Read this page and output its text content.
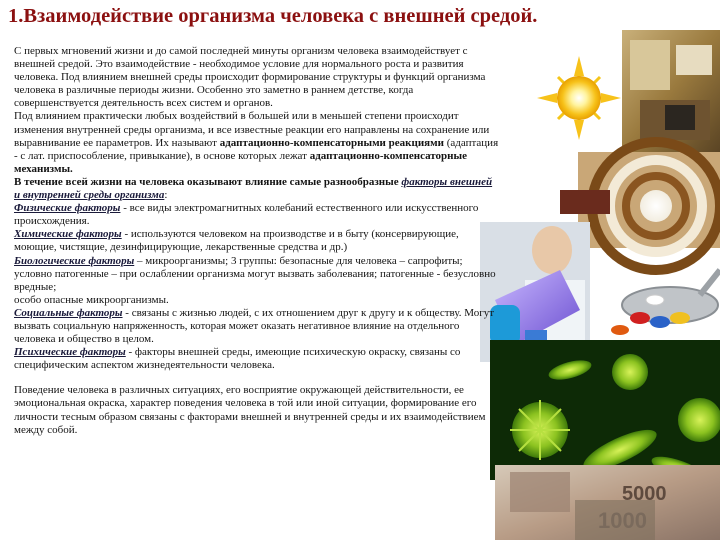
1.Взаимодействие организма человека с внешней средой.
5000
1000

С первых мгновений жизни и до самой последней минуты организм человека взаимодействует с внешней средой. Это взаимодействие - необходимое условие для нормального роста и развития человека. Под влиянием внешней среды происходит формирование структуры и функций организма человека в различные периоды жизни. Особенно это заметно в раннем детстве, когда совершенствуется деятельность всех систем и органов.

Под влиянием практически любых воздействий в большей или в меньшей степени происходит изменения внутренней среды организма, и все известные реакции его направлены на сохранение или выравнивание ее параметров. Их называют адаптационно-компенсаторными реакциями (адаптация - с лат. приспособление, привыкание), в основе которых лежат адаптационно-компенсаторные механизмы.

В течение всей жизни на человека оказывают влияние самые разнообразные факторы внешней и внутренней среды организма:

Физические факторы - все виды электромагнитных колебаний естественного или искусственного происхождения.

Химические факторы - используются человеком на производстве и в быту (консервирующие, моющие, чистящие, дезинфицирующие, лекарственные средства и др.)

Биологические факторы – микроорганизмы; 3 группы: безопасные для человека – сапрофиты; условно патогенные – при ослаблении организма могут вызвать заболевания; патогенные - безусловно вредные;

особо опасные микроорганизмы.

Социальные факторы - связаны с жизнью людей, с их отношением друг к другу и к обществу. Могут вызвать социальную напряженность, которая может оказать негативное влияние на отдельного человека и общество в целом.

Психические факторы - факторы внешней среды, имеющие психическую окраску, связаны со специфическим аспектом жизнедеятельности человека.

Поведение человека в различных ситуациях, его восприятие окружающей действительности, ее эмоциональная окраска, характер поведения человека в той или иной ситуации, формирование его личности тесным образом связаны с факторами внешней и внутренней среды и их взаимодействием между собой.
